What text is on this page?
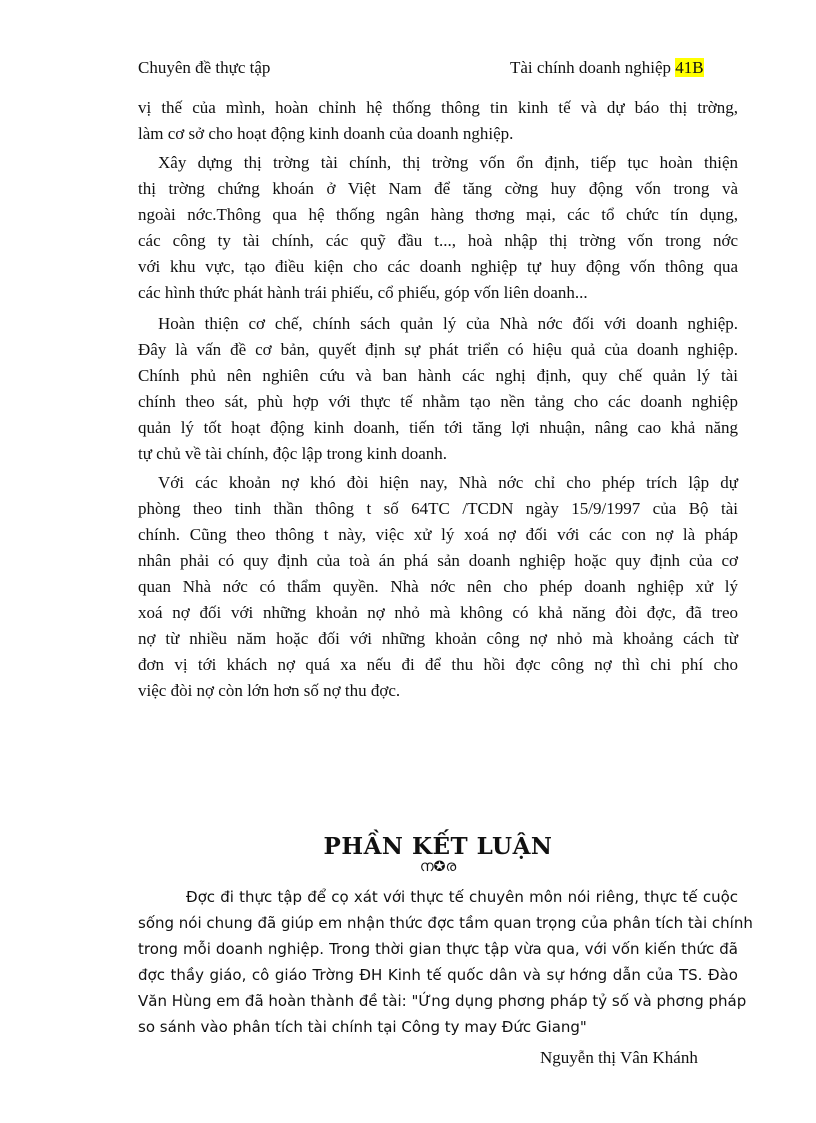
Chuyên đề thực tập	Tài chính doanh nghiệp 41B
vị thế của mình, hoàn chỉnh hệ thống thông tin kinh tế và dự báo thị trờng,
làm cơ sở cho hoạt động kinh doanh của doanh nghiệp.
Xây dựng thị trờng tài chính, thị trờng vốn ổn định, tiếp tục hoàn thiện
thị trờng chứng khoán ở Việt Nam để tăng cờng huy động vốn trong và
ngoài nớc.Thông qua hệ thống ngân hàng thơng mại, các tổ chức tín dụng,
các công ty tài chính, các quỹ đầu t..., hoà nhập thị trờng vốn trong nớc
với khu vực, tạo điều kiện cho các doanh nghiệp tự huy động vốn thông qua
các hình thức phát hành trái phiếu, cổ phiếu, góp vốn liên doanh...
Hoàn thiện cơ chế, chính sách quản lý của Nhà nớc đối với doanh nghiệp.
Đây là vấn đề cơ bản, quyết định sự phát triển có hiệu quả của doanh nghiệp.
Chính phủ nên nghiên cứu và ban hành các nghị định, quy chế quản lý tài
chính theo sát, phù hợp với thực tế nhằm tạo nền tảng cho các doanh nghiệp
quản lý tốt hoạt động kinh doanh, tiến tới tăng lợi nhuận, nâng cao khả năng
tự chủ về tài chính, độc lập trong kinh doanh.
Với các khoản nợ khó đòi hiện nay, Nhà nớc chỉ cho phép trích lập dự
phòng theo tinh thần thông t số 64TC /TCDN ngày 15/9/1997 của Bộ tài
chính. Cũng theo thông t này, việc xử lý xoá nợ đối với các con nợ là pháp
nhân phải có quy định của toà án phá sản doanh nghiệp hoặc quy định của cơ
quan Nhà nớc có thẩm quyền. Nhà nớc nên cho phép doanh nghiệp xử lý
xoá nợ đối với những khoản nợ nhỏ mà không có khả năng đòi đợc, đã treo
nợ từ nhiều năm hoặc đối với những khoản công nợ nhỏ mà khoảng cách từ
đơn vị tới khách nợ quá xa nếu đi để thu hồi đợc công nợ thì chi phí cho
việc đòi nợ còn lớn hơn số nợ thu đợc.
PHẦN KẾT LUẬN
ന✪ര
Đợc đi thực tập để cọ xát với thực tế chuyên môn nói riêng, thực tế cuộc
sống nói chung đã giúp em nhận thức đợc tầm quan trọng của phân tích tài chính
trong mỗi doanh nghiệp. Trong thời gian thực tập vừa qua, với vốn kiến thức đã
đợc thầy giáo, cô giáo Trờng ĐH Kinh tế quốc dân và sự hớng dẫn của TS. Đào
Văn Hùng em đã hoàn thành đề tài: "Ứng dụng phơng pháp tỷ số và phơng pháp
so sánh vào phân tích tài chính tại Công ty may Đức Giang"
Nguyễn thị Vân Khánh
